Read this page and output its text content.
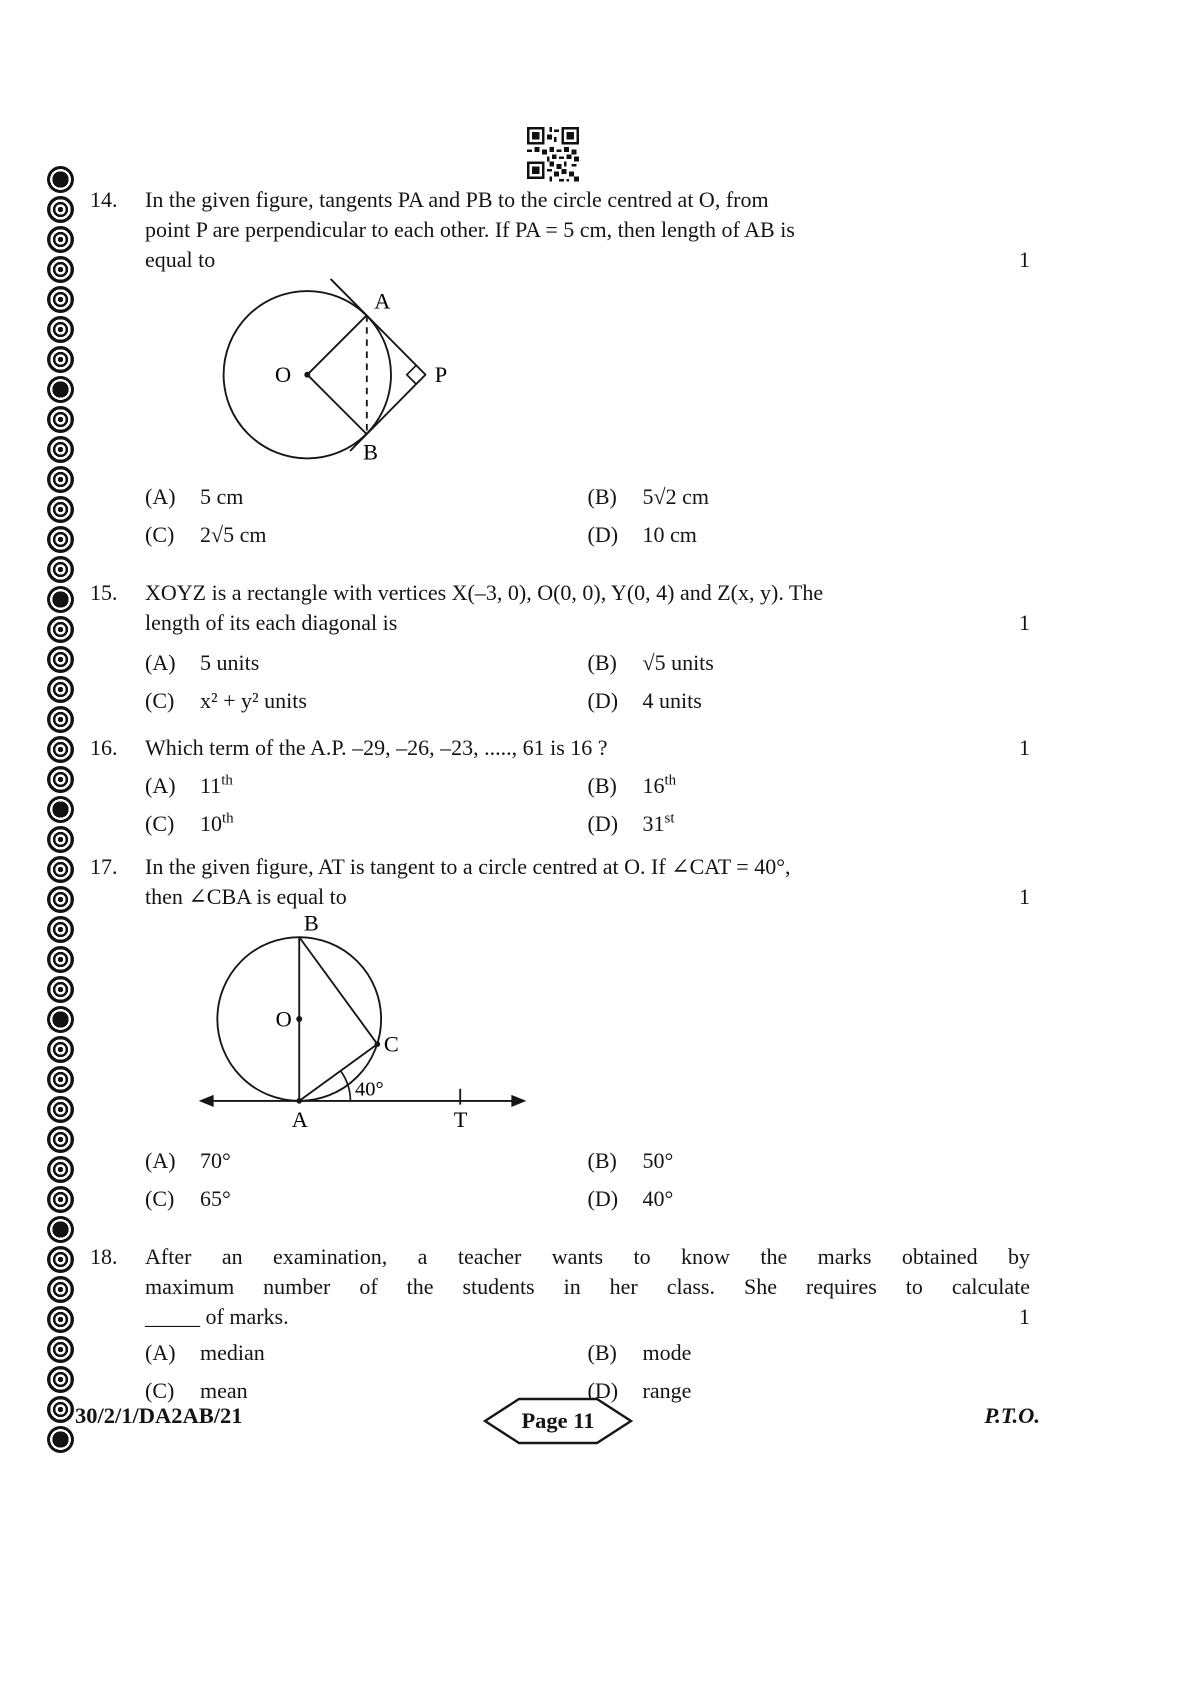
14. In the given figure, tangents PA and PB to the circle centred at O, from
point P are perpendicular to each other. If PA = 5 cm, then length of AB is
equal to	1
O
A
B
P
(A)	5 cm	(B)	5√2 cm
(C)	2√5 cm	(D)	10 cm
15. XOYZ is a rectangle with vertices X(–3, 0), O(0, 0), Y(0, 4) and Z(x, y). The
length of its each diagonal is	1
(A)	5 units	(B)	√5 units
(C)	x² + y² units	(D)	4 units
16. Which term of the A.P. –29, –26, –23, ....., 61 is 16 ?	1
(A)	11th	(B)	16th
(C)	10th	(D)	31st
17. In the given figure, AT is tangent to a circle centred at O. If ∠CAT = 40°,
then ∠CBA is equal to	1
40°
O
B
A	T
C
(A)	70°	(B)	50°
(C)	65°	(D)	40°
18. After an examination, a teacher wants to know the marks obtained by
maximum number of the students in her class. She requires to calculate
_____ of marks.	1
(A)	median	(B)	mode
(C)	mean	(D)	range
30/2/1/DA2AB/21	Page 11	P.T.O.
